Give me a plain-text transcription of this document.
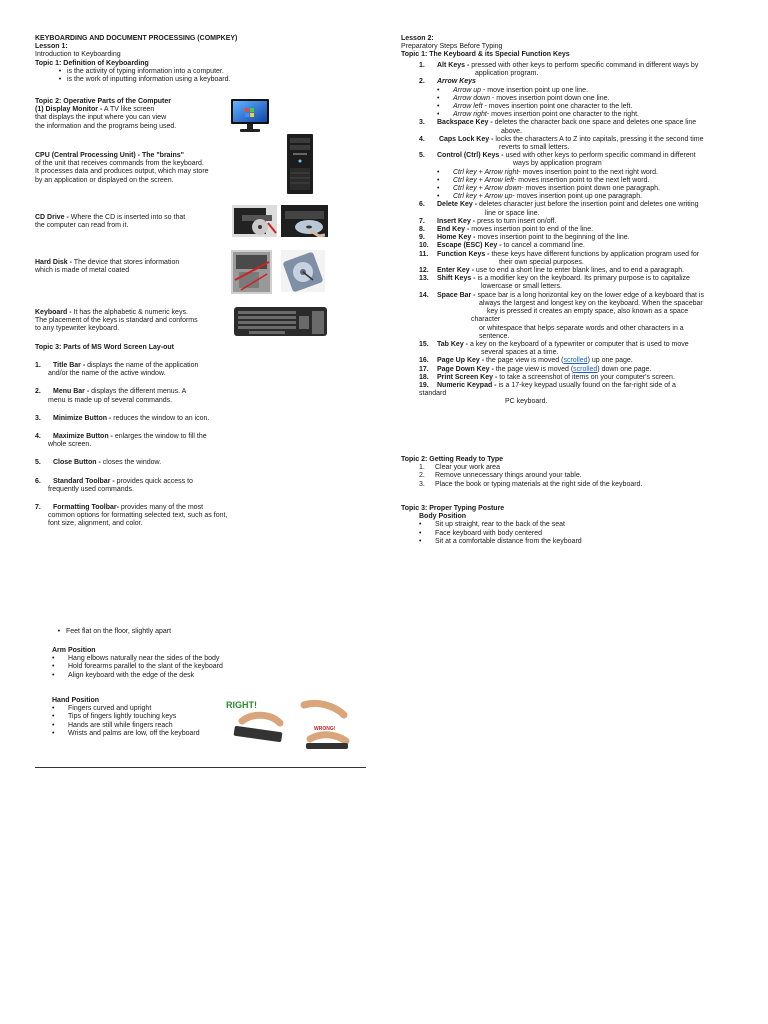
KEYBOARDING AND DOCUMENT PROCESSING (COMPKEY)
Lesson 1:
Introduction to Keyboarding
Topic 1: Definition of Keyboarding
• is the activity of typing information into a computer.
• is the work of inputting information using a keyboard.
Topic 2: Operative Parts of the Computer
(1) Display Monitor - A TV like screen
that displays the input where you can view
the information and the programs being used.
CPU (Central Processing Unit) - The "brains"
of the unit that receives commands from the keyboard.
It processes data and produces output, which may store
by an application or displayed on the screen.
CD Drive - Where the CD is inserted into so that
the computer can read from it.
Hard Disk - The device that stores information
which is made of metal coated
Keyboard - It has the alphabetic & numeric keys.
The placement of the keys is standard and conforms
to any typewriter keyboard.
Topic 3: Parts of MS Word Screen Lay-out
1. Title Bar - displays the name of the application
and/or the name of the active window.
2. Menu Bar - displays the different menus. A
menu is made up of several commands.
3. Minimize Button - reduces the window to an icon.
4. Maximize Button - enlarges the window to fill the
whole screen.
5. Close Button - closes the window.
6. Standard Toolbar - provides quick access to
frequently used commands.
7. Formatting Toolbar- provides many of the most
common options for formatting selected text, such as font,
font size, alignment, and color.
• Feet flat on the floor, slightly apart
Arm Position
• Hang elbows naturally near the sides of the body
• Hold forearms parallel to the slant of the keyboard
• Align keyboard with the edge of the desk
Hand Position
• Fingers curved and upright
• Tips of fingers lightly touching keys
• Hands are still while fingers reach
• Wrists and palms are low, off the keyboard
RIGHT!
WRONG!
Lesson 2:
Preparatory Steps Before Typing
Topic 1: The Keyboard & its Special Function Keys
1. Alt Keys - pressed with other keys to perform specific command in different ways by
application program.
2. Arrow Keys
• Arrow up - move insertion point up one line.
• Arrow down - moves insertion point down one line.
• Arrow left - moves insertion point one character to the left.
• Arrow right- moves insertion point one character to the right.
3. Backspace Key - deletes the character back one space and deletes one space line
above.
4. Caps Lock Key - locks the characters A to Z into capitals, pressing it the second time
reverts to small letters.
5. Control (Ctrl) Keys - used with other keys to perform specific command in different
ways by application program
• Ctrl key + Arrow right- moves insertion point to the next right word.
• Ctrl key + Arrow left- moves insertion point to the next left word.
• Ctrl key + Arrow down- moves insertion point down one paragraph.
• Ctrl key + Arrow up- moves insertion point up one paragraph.
6. Delete Key - deletes character just before the insertion point and deletes one writing
line or space line.
7. Insert Key - press to turn insert on/off.
8. End Key - moves insertion point to end of the line.
9. Home Key - moves insertion point to the beginning of the line.
10. Escape (ESC) Key - to cancel a command line.
11. Function Keys - these keys have different functions by application program used for
their own special purposes.
12. Enter Key - use to end a short line to enter blank lines, and to end a paragraph.
13. Shift Keys - is a modifier key on the keyboard. Its primary purpose is to capitalize
lowercase or small letters.
14. Space Bar - space bar is a long horizontal key on the lower edge of a keyboard that is
always the largest and longest key on the keyboard. When the spacebar
key is pressed it creates an empty space, also known as a space
character
or whitespace that helps separate words and other characters in a
sentence.
15. Tab Key - a key on the keyboard of a typewriter or computer that is used to move
several spaces at a time.
16. Page Up Key - the page view is moved (scrolled) up one page.
17. Page Down Key - the page view is moved (scrolled) down one page.
18. Print Screen Key - to take a screenshot of items on your computer's screen.
19. Numeric Keypad - is a 17-key keypad usually found on the far-right side of a
standard
PC keyboard.
Topic 2: Getting Ready to Type
1. Clear your work area
2. Remove unnecessary things around your table.
3. Place the book or typing materials at the right side of the keyboard.
Topic 3: Proper Typing Posture
Body Position
• Sit up straight, rear to the back of the seat
• Face keyboard with body centered
• Sit at a comfortable distance from the keyboard
